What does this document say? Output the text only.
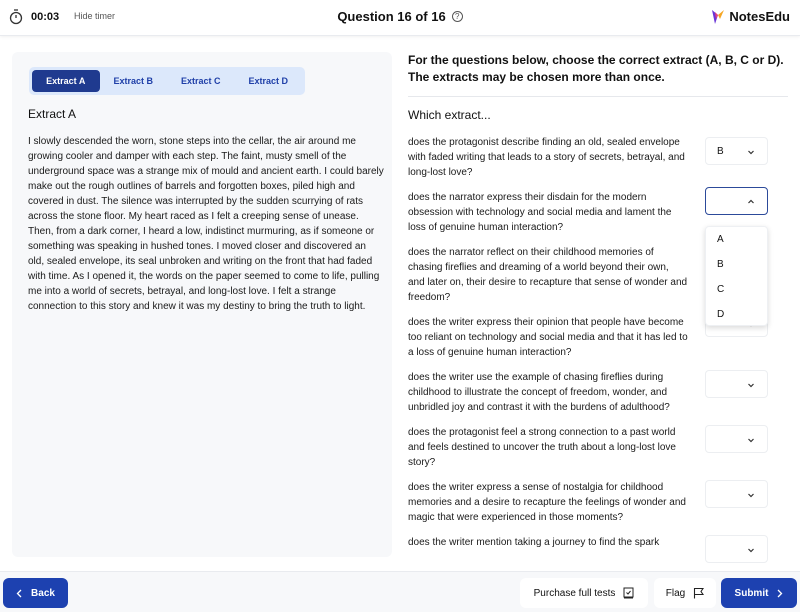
00:03 Hide timer	Question 16 of 16	?	NotesEdu
Extract A	Extract B	Extract C	Extract D
Extract A
I slowly descended the worn, stone steps into the cellar, the air around me growing cooler and damper with each step. The faint, musty smell of the underground space was a strange mix of mould and ancient earth. I could barely make out the rough outlines of barrels and forgotten boxes, piled high and covered in dust. The silence was interrupted by the sudden scurrying of rats across the stone floor. My heart raced as I felt a creeping sense of unease. Then, from a dark corner, I heard a low, indistinct murmuring, as if someone or something was speaking in hushed tones. I moved closer and discovered an old, sealed envelope, its seal unbroken and writing on the front that had faded with time. As I opened it, the words on the paper seemed to come to life, pulling me into a world of secrets, betrayal, and long-lost love. I felt a strange connection to this story and knew it was my destiny to bring the truth to light.
For the questions below, choose the correct extract (A, B, C or D). The extracts may be chosen more than once.
Which extract...
does the protagonist describe finding an old, sealed envelope with faded writing that leads to a story of secrets, betrayal, and long-lost love?
B
does the narrator express their disdain for the modern obsession with technology and social media and lament the loss of genuine human interaction?
does the narrator reflect on their childhood memories of chasing fireflies and dreaming of a world beyond their own, and later on, their desire to recapture that sense of wonder and freedom?
does the writer express their opinion that people have become too reliant on technology and social media and that it has led to a loss of genuine human interaction?
does the writer use the example of chasing fireflies during childhood to illustrate the concept of freedom, wonder, and unbridled joy and contrast it with the burdens of adulthood?
does the protagonist feel a strong connection to a past world and feels destined to uncover the truth about a long-lost love story?
does the writer express a sense of nostalgia for childhood memories and a desire to recapture the feelings of wonder and magic that were experienced in those moments?
does the writer mention taking a journey to find the spark
A
B
C
D
Back	Purchase full tests	Flag	Submit
